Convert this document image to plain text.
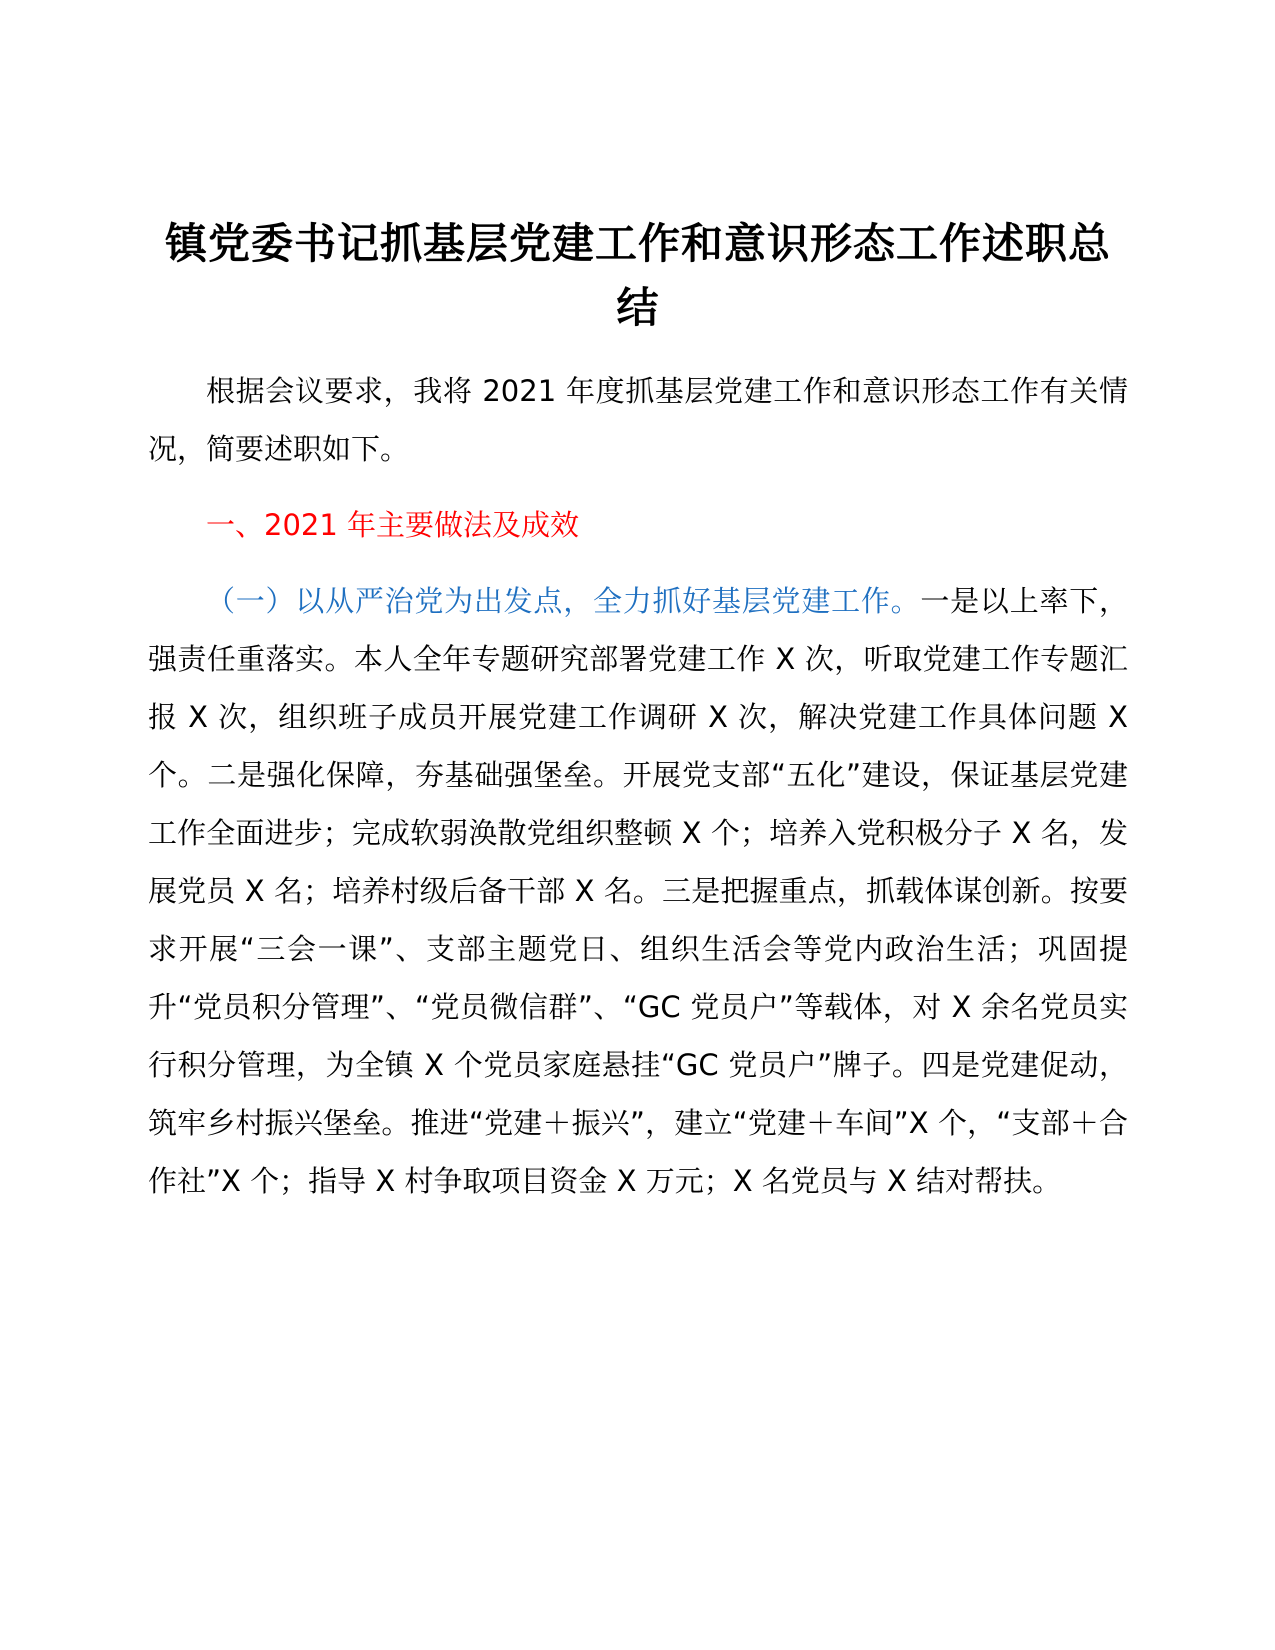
镇党委书记抓基层党建工作和意识形态工作述职总结

根据会议要求，我将 2021 年度抓基层党建工作和意识形态工作有关情况，简要述职如下。

一、2021 年主要做法及成效

（一）以从严治党为出发点，全力抓好基层党建工作。一是以上率下，强责任重落实。本人全年专题研究部署党建工作 X 次，听取党建工作专题汇报 X 次，组织班子成员开展党建工作调研 X 次，解决党建工作具体问题 X 个。二是强化保障，夯基础强堡垒。开展党支部“五化”建设，保证基层党建工作全面进步；完成软弱涣散党组织整顿 X 个；培养入党积极分子 X 名，发展党员 X 名；培养村级后备干部 X 名。三是把握重点，抓载体谋创新。按要求开展“三会一课”、支部主题党日、组织生活会等党内政治生活；巩固提升“党员积分管理”、“党员微信群”、“GC 党员户”等载体，对 X 余名党员实行积分管理，为全镇 X 个党员家庭悬挂“GC 党员户”牌子。四是党建促动，筑牢乡村振兴堡垒。推进“党建＋振兴”，建立“党建＋车间”X 个，“支部＋合作社”X 个；指导 X 村争取项目资金 X 万元；X 名党员与 X 结对帮扶。
